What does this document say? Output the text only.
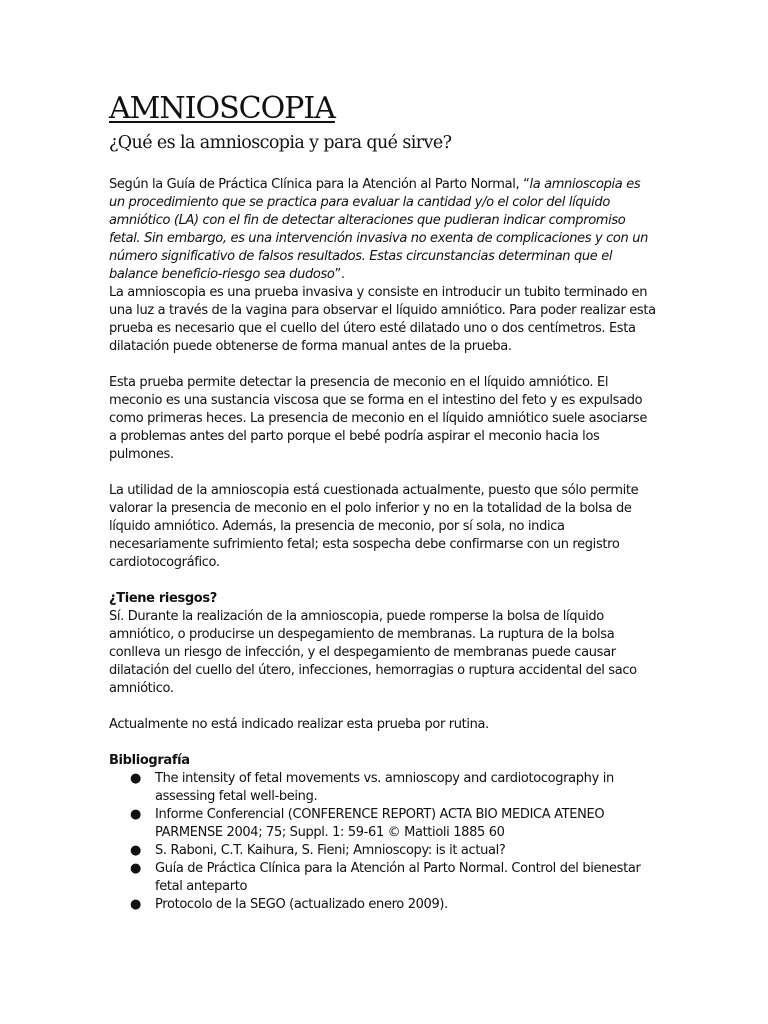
AMNIOSCOPIA
¿Qué es la amnioscopia y para qué sirve?

Según la Guía de Práctica Clínica para la Atención al Parto Normal, “la amnioscopia es un procedimiento que se practica para evaluar la cantidad y/o el color del líquido amniótico (LA) con el fin de detectar alteraciones que pudieran indicar compromiso fetal. Sin embargo, es una intervención invasiva no exenta de complicaciones y con un número significativo de falsos resultados. Estas circunstancias determinan que el balance beneficio-riesgo sea dudoso”.

La amnioscopia es una prueba invasiva y consiste en introducir un tubito terminado en una luz a través de la vagina para observar el líquido amniótico. Para poder realizar esta prueba es necesario que el cuello del útero esté dilatado uno o dos centímetros. Esta dilatación puede obtenerse de forma manual antes de la prueba.

Esta prueba permite detectar la presencia de meconio en el líquido amniótico. El meconio es una sustancia viscosa que se forma en el intestino del feto y es expulsado como primeras heces. La presencia de meconio en el líquido amniótico suele asociarse a problemas antes del parto porque el bebé podría aspirar el meconio hacia los pulmones.

La utilidad de la amnioscopia está cuestionada actualmente, puesto que sólo permite valorar la presencia de meconio en el polo inferior y no en la totalidad de la bolsa de líquido amniótico. Además, la presencia de meconio, por sí sola, no indica necesariamente sufrimiento fetal; esta sospecha debe confirmarse con un registro cardiotocográfico.

¿Tiene riesgos?

Sí. Durante la realización de la amnioscopia, puede romperse la bolsa de líquido amniótico, o producirse un despegamiento de membranas. La ruptura de la bolsa conlleva un riesgo de infección, y el despegamiento de membranas puede causar dilatación del cuello del útero, infecciones, hemorragias o ruptura accidental del saco amniótico.

Actualmente no está indicado realizar esta prueba por rutina.

Bibliografía

● The intensity of fetal movements vs. amnioscopy and cardiotocography in assessing fetal well-being.
● Informe Conferencial (CONFERENCE REPORT) ACTA BIO MEDICA ATENEO PARMENSE 2004; 75; Suppl. 1: 59-61 © Mattioli 1885 60
● S. Raboni, C.T. Kaihura, S. Fieni; Amnioscopy: is it actual?
● Guía de Práctica Clínica para la Atención al Parto Normal. Control del bienestar fetal anteparto
● Protocolo de la SEGO (actualizado enero 2009).
